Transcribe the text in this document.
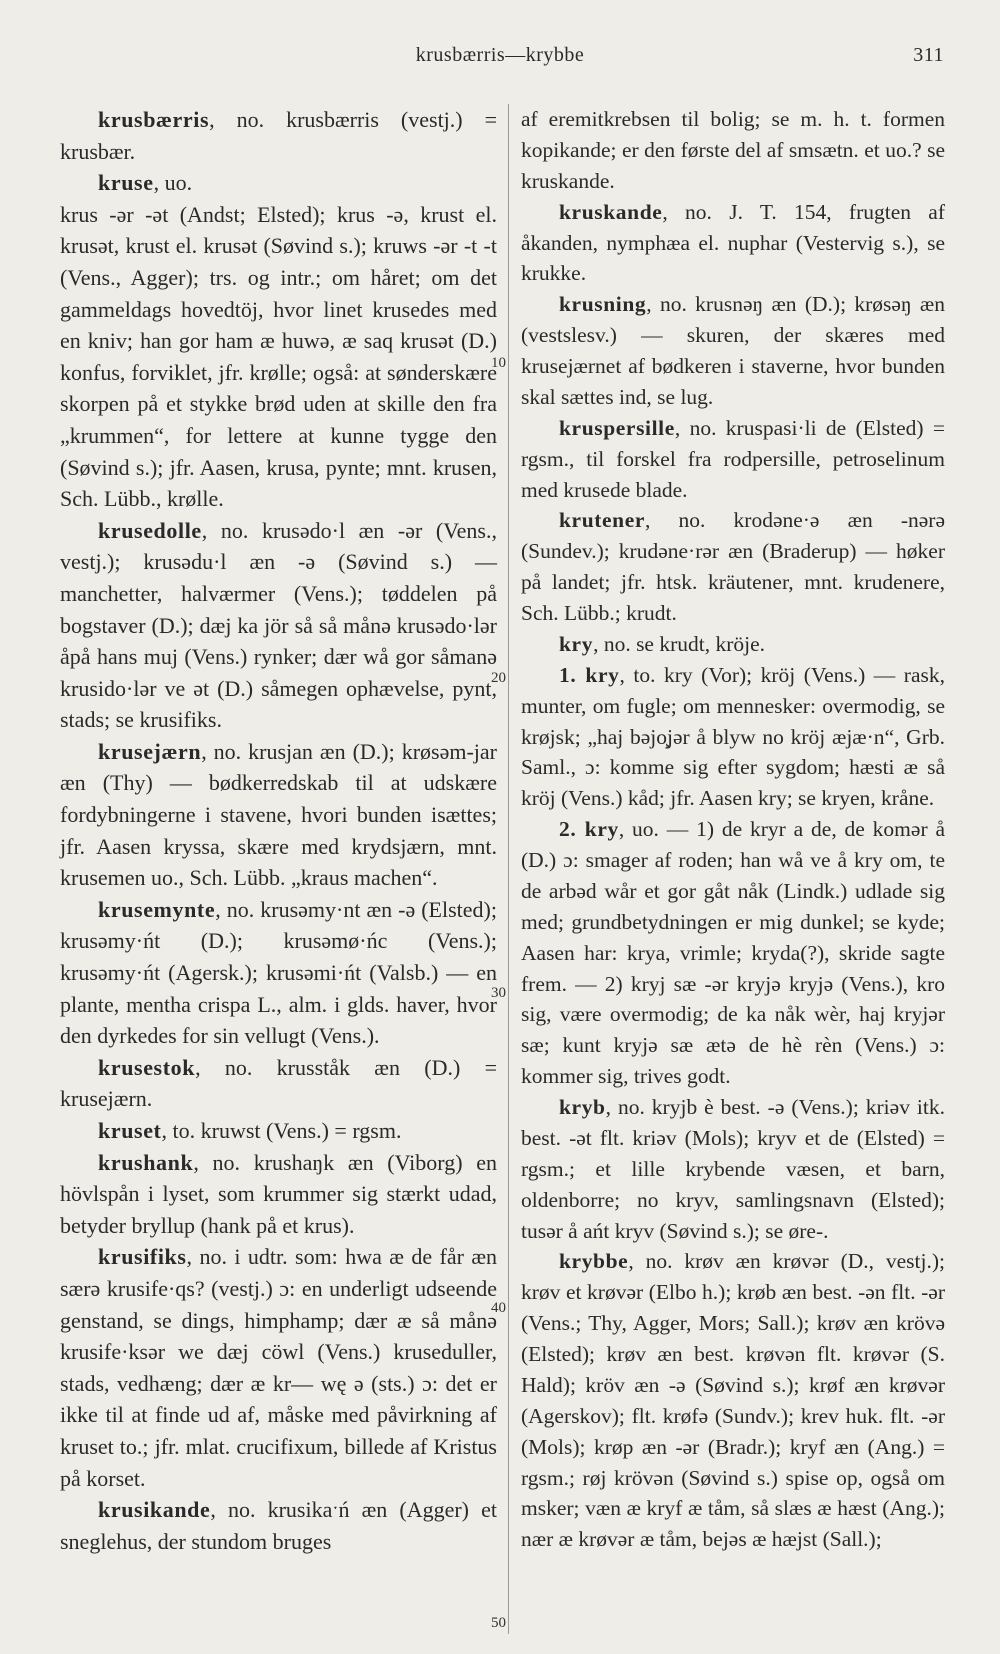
krusbærris—krybbe	311

krusbærris, no. krusbærris (vestj.) = krusbær.

kruse, uo.

krus -ər -ət (Andst; Elsted); krus -ə, krust el. krusət, krust el. krusət (Søvind s.); kruws -ər -t -t (Vens., Agger); trs. og intr.; om håret; om det gammeldags hovedtöj, hvor linet krusedes med en kniv; han gor ham æ huwə, æ saq krusət (D.) konfus, forviklet, jfr. krølle; også: at sønderskære skorpen på et stykke brød uden at skille den fra „krummen“, for lettere at kunne tygge den (Søvind s.); jfr. Aasen, krusa, pynte; mnt. krusen, Sch. Lübb., krølle.

krusedolle, no. krusədo·l æn -ər (Vens., vestj.); krusədu·l æn -ə (Søvind s.) — manchetter, halværmer (Vens.); tøddelen på bogstaver (D.); dæj ka jör så så månə krusədo·lər åpå hans muj (Vens.) rynker; dær wå gor såmanə krusido·lər ve ət (D.) såmegen ophævelse, pynt, stads; se krusifiks.

krusejærn, no. krusjan æn (D.); krøsəm-jar æn (Thy) — bødkerredskab til at udskære fordybningerne i stavene, hvori bunden isættes; jfr. Aasen kryssa, skære med krydsjærn, mnt. krusemen uo., Sch. Lübb. „kraus machen“.

krusemynte, no. krusəmy·nt æn -ə (Elsted); krusəmy·ńt (D.); krusəmø·ńc (Vens.); krusəmy·ńt (Agersk.); krusəmi·ńt (Valsb.) — en plante, mentha crispa L., alm. i glds. haver, hvor den dyrkedes for sin vellugt (Vens.).

krusestok, no. krusståk æn (D.) = krusejærn.

kruset, to. kruwst (Vens.) = rgsm.

krushank, no. krushaŋk æn (Viborg) en hövlspån i lyset, som krummer sig stærkt udad, betyder bryllup (hank på et krus).

krusifiks, no. i udtr. som: hwa æ de får æn særə krusife·qs? (vestj.) ɔ: en underligt udseende genstand, se dings, himphamp; dær æ så månə krusife·ksər we dæj cöwl (Vens.) kruseduller, stads, vedhæng; dær æ kr— wę ə (sts.) ɔ: det er ikke til at finde ud af, måske med påvirkning af kruset to.; jfr. mlat. crucifixum, billede af Kristus på korset.

krusikande, no. krusikaˑń æn (Agger) et sneglehus, der stundom bruges

10
20
30
40
50

af eremitkrebsen til bolig; se m. h. t. formen kopikande; er den første del af smsætn. et uo.? se kruskande.

kruskande, no. J. T. 154, frugten af åkanden, nymphæa el. nuphar (Vestervig s.), se krukke.

krusning, no. krusnəŋ æn (D.); krøsəŋ æn (vestslesv.) — skuren, der skæres med krusejærnet af bødkeren i staverne, hvor bunden skal sættes ind, se lug.

kruspersille, no. kruspasi·li de (Elsted) = rgsm., til forskel fra rodpersille, petroselinum med krusede blade.

krutener, no. krodəne·ə æn -nərə (Sundev.); krudəne·rər æn (Braderup) — høker på landet; jfr. htsk. kräutener, mnt. krudenere, Sch. Lübb.; krudt.

kry, no. se krudt, kröje.

1. kry, to. kry (Vor); kröj (Vens.) — rask, munter, om fugle; om mennesker: overmodig, se krøjsk; „haj bəjo̧jər å blyw no kröj æjæ·n“, Grb. Saml., ɔ: komme sig efter sygdom; hæsti æ så kröj (Vens.) kåd; jfr. Aasen kry; se kryen, kråne.

2. kry, uo. — 1) de kryr a de, de komər å (D.) ɔ: smager af roden; han wå ve å kry om, te de arbəd wår et gor gåt nåk (Lindk.) udlade sig med; grundbetydningen er mig dunkel; se kyde; Aasen har: krya, vrimle; kryda(?), skride sagte frem. — 2) kryj sæ -ər kryjə kryjə (Vens.), kro sig, være overmodig; de ka nåk wèr, haj kryjər sæ; kunt kryjə sæ ætə de hè rèn (Vens.) ɔ: kommer sig, trives godt.

kryb, no. kryjb è best. -ə (Vens.); kriəv itk. best. -ət flt. kriəv (Mols); kryv et de (Elsted) = rgsm.; et lille krybende væsen, et barn, oldenborre; no kryv, samlingsnavn (Elsted); tusər å ańt kryv (Søvind s.); se øre-.

krybbe, no. krøv æn krøvər (D., vestj.); krøv et krøvər (Elbo h.); krøb æn best. -ən flt. -ər (Vens.; Thy, Agger, Mors; Sall.); krøv æn krövə (Elsted); krøv æn best. krøvən flt. krøvər (S. Hald); kröv æn -ə (Søvind s.); krøf æn krøvər (Agerskov); flt. krøfə (Sundv.); krev huk. flt. -ər (Mols); krøp æn -ər (Bradr.); kryf æn (Ang.) = rgsm.; røj krövən (Søvind s.) spise op, også om msker; væn æ kryf æ tåm, så slæs æ hæst (Ang.); nær æ krøvər æ tåm, bejəs æ hæjst (Sall.);
